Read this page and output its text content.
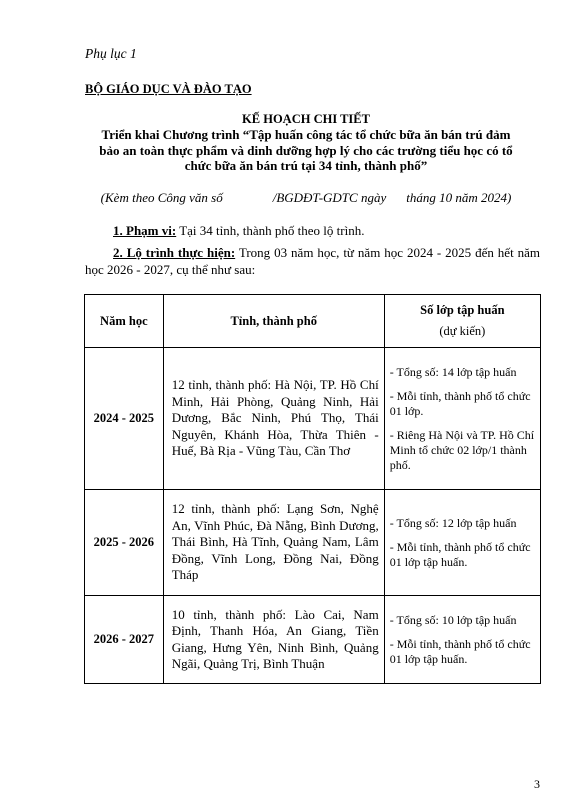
Phụ lục 1
BỘ GIÁO DỤC VÀ ĐÀO TẠO
KẾ HOẠCH CHI TIẾT
Triển khai Chương trình “Tập huấn công tác tổ chức bữa ăn bán trú đảm
bảo an toàn thực phẩm và dinh dưỡng hợp lý cho các trường tiểu học có tổ
chức bữa ăn bán trú tại 34 tỉnh, thành phố”
(Kèm theo Công văn số	/BGDĐT-GDTC ngày tháng 10 năm 2024)
1. Phạm vi: Tại 34 tỉnh, thành phố theo lộ trình.
2. Lộ trình thực hiện: Trong 03 năm học, từ năm học 2024 - 2025 đến hết năm học 2026 - 2027, cụ thể như sau:
Năm học	Tỉnh, thành phố	Số lớp tập huấn
(dự kiến)

2024 - 2025	12 tỉnh, thành phố: Hà Nội, TP. Hồ Chí Minh, Hải Phòng, Quảng Ninh, Hải Dương, Bắc Ninh, Phú Thọ, Thái Nguyên, Khánh Hòa, Thừa Thiên - Huế, Bà Rịa - Vũng Tàu, Cần Thơ	- Tổng số: 14 lớp tập huấn

- Mỗi tỉnh, thành phố tổ chức 01 lớp.

- Riêng Hà Nội và TP. Hồ Chí Minh tổ chức 02 lớp/1 thành phố.

2025 - 2026	12 tỉnh, thành phố: Lạng Sơn, Nghệ An, Vĩnh Phúc, Đà Nẵng, Bình Dương, Thái Bình, Hà Tĩnh, Quảng Nam, Lâm Đồng, Vĩnh Long, Đồng Nai, Đồng Tháp	- Tổng số: 12 lớp tập huấn

- Mỗi tỉnh, thành phố tổ chức 01 lớp tập huấn.

2026 - 2027	10 tỉnh, thành phố: Lào Cai, Nam Định, Thanh Hóa, An Giang, Tiền Giang, Hưng Yên, Ninh Bình, Quảng Ngãi, Quảng Trị, Bình Thuận	- Tổng số: 10 lớp tập huấn

- Mỗi tỉnh, thành phố tổ chức 01 lớp tập huấn.

3
